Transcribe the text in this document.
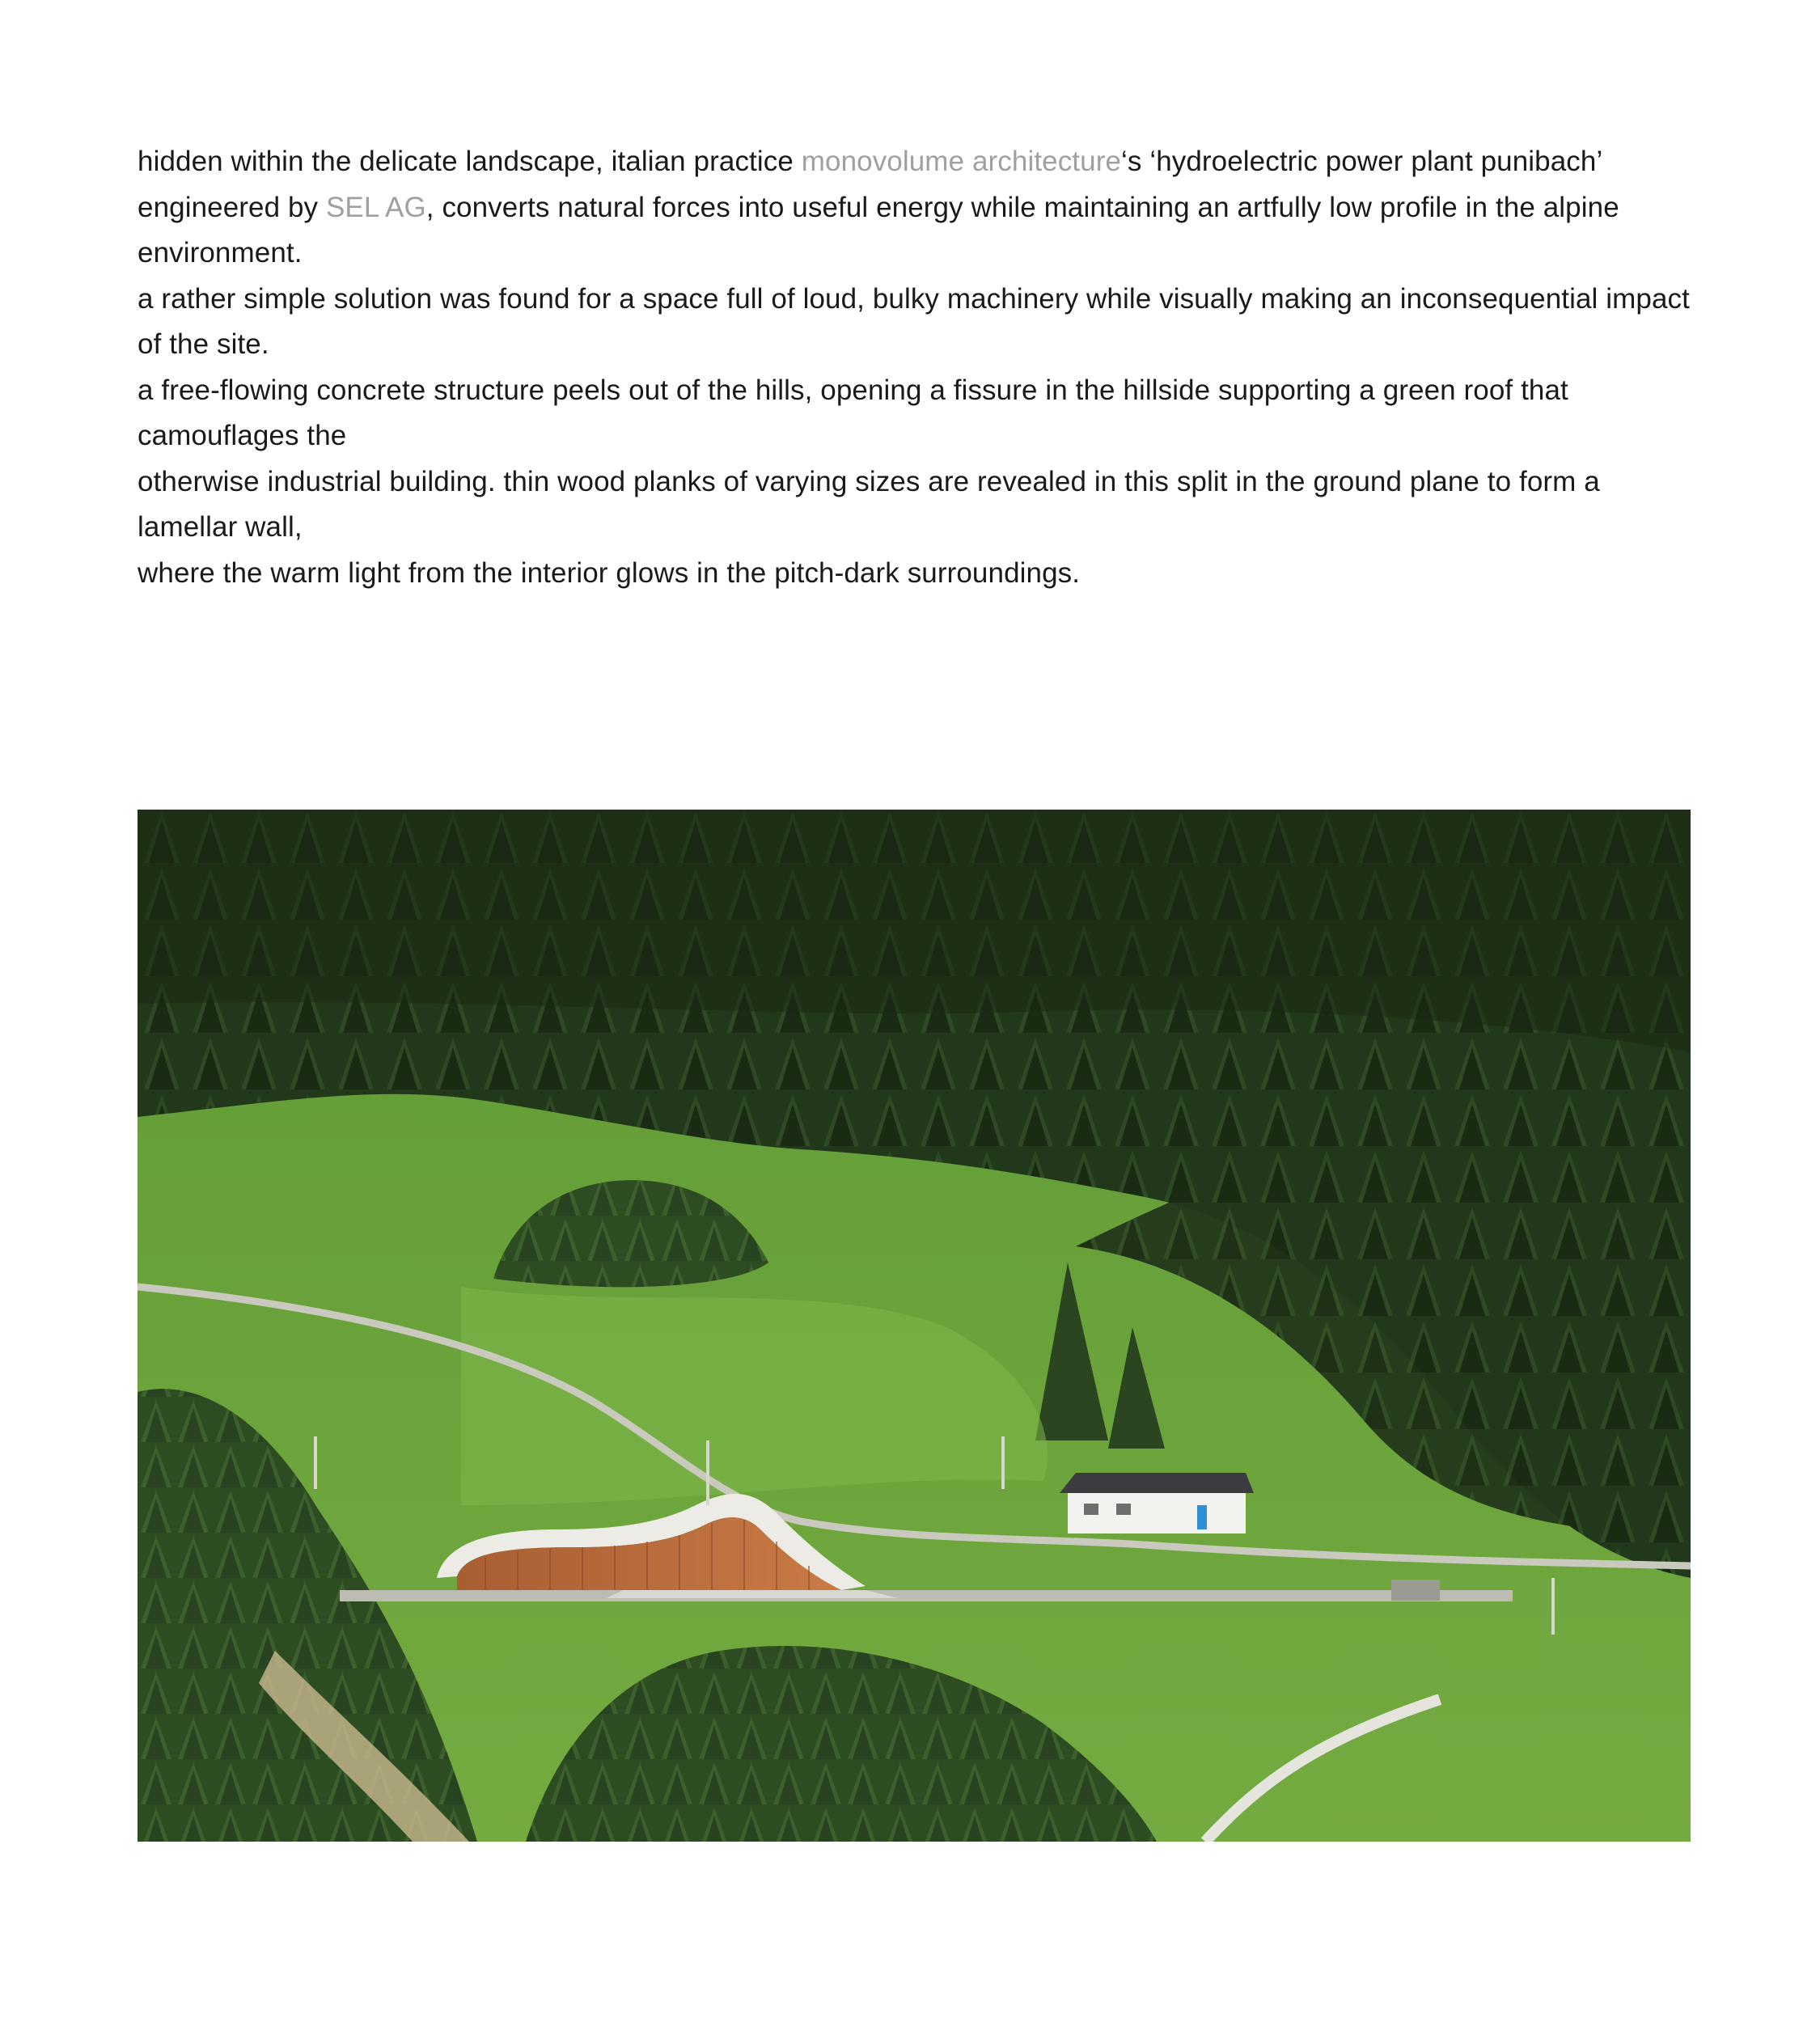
hidden within the delicate landscape, italian practice monovolume architecture‘s ‘hydroelectric power plant punibach’

engineered by SEL AG, converts natural forces into useful energy while maintaining an artfully low profile in the alpine environment.

a rather simple solution was found for a space full of loud, bulky machinery while visually making an inconsequential impact of the site.

a free-flowing concrete structure peels out of the hills, opening a fissure in the hillside supporting a green roof that camouflages the

otherwise industrial building. thin wood planks of varying sizes are revealed in this split in the ground plane to form a lamellar wall,

where the warm light from the interior glows in the pitch-dark surroundings.
